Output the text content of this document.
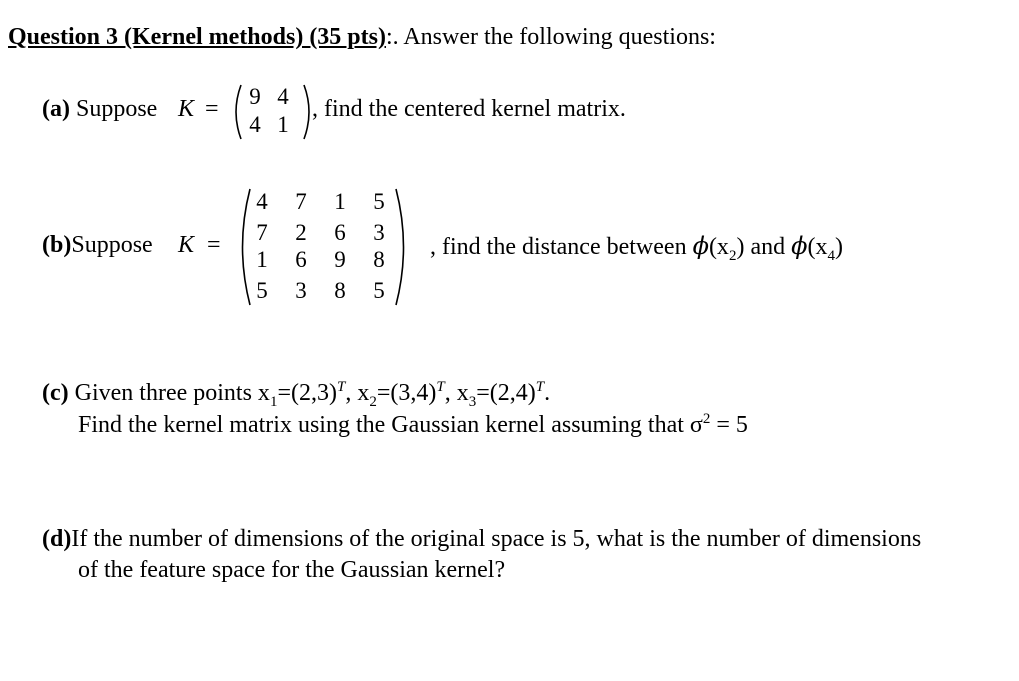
Question 3 (Kernel methods) (35 pts):. Answer the following questions:
(a) Suppose K =	9 4
4 1
, find the centered kernel matrix.
(b)Suppose K =
4	7	1	5
7	2	6	3
1	6	9	8
5	3	8	5
, find the distance between $\phi(x_2)$ and $\phi(x_4)$
(c) Given three points $x_1=(2,3)^T$, $x_2=(3,4)^T$, $x_3=(2,4)^T$.
Find the kernel matrix using the Gaussian kernel assuming that $\sigma^2 = 5$
(d)If the number of dimensions of the original space is 5, what is the number of dimensions
of the feature space for the Gaussian kernel?
